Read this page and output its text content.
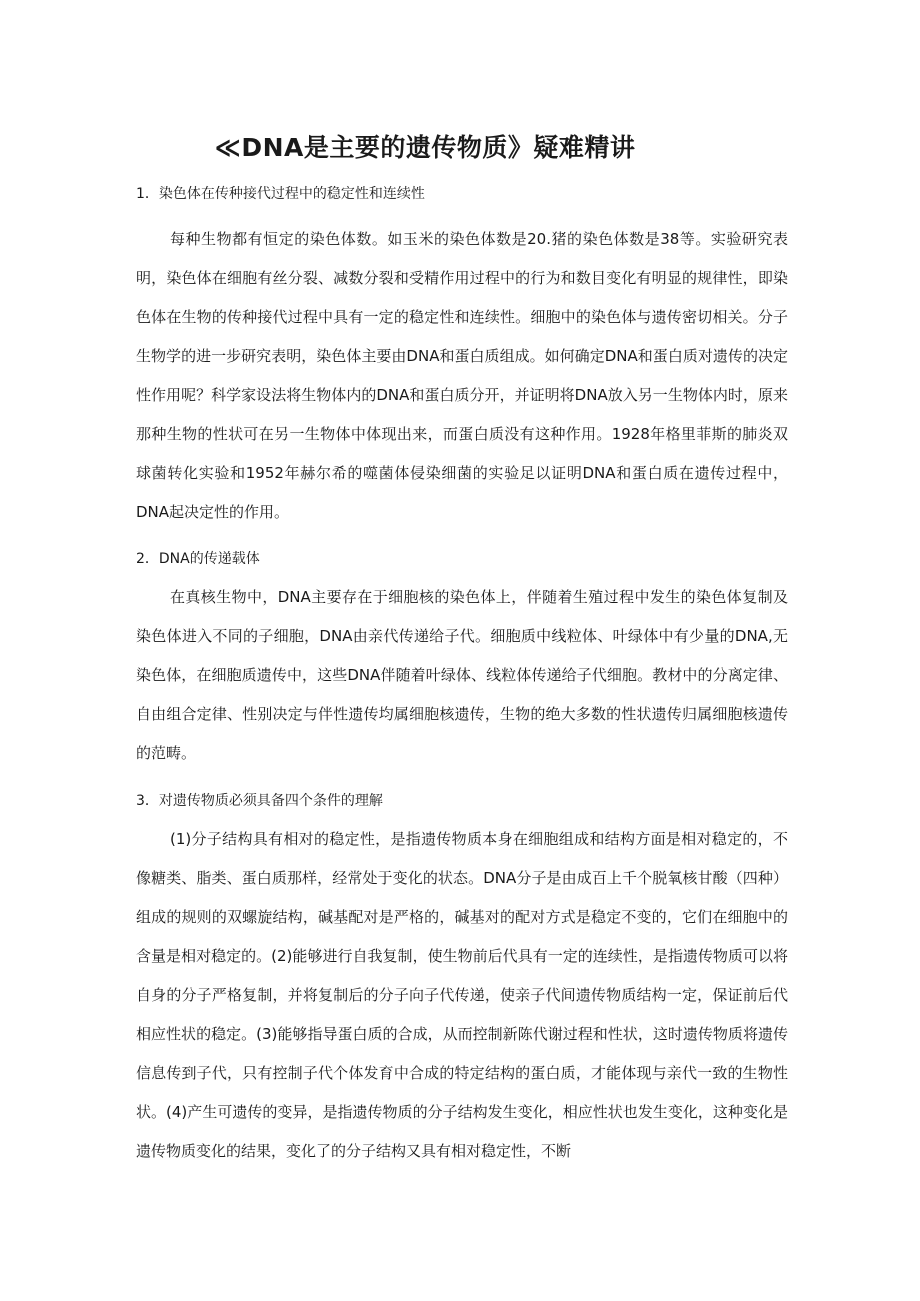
≪DNA是主要的遗传物质》疑难精讲
1．染色体在传种接代过程中的稳定性和连续性

每种生物都有恒定的染色体数。如玉米的染色体数是20.猪的染色体数是38等。实验研究表明，染色体在细胞有丝分裂、减数分裂和受精作用过程中的行为和数目变化有明显的规律性，即染色体在生物的传种接代过程中具有一定的稳定性和连续性。细胞中的染色体与遗传密切相关。分子生物学的进一步研究表明，染色体主要由DNA和蛋白质组成。如何确定DNA和蛋白质对遗传的决定性作用呢？科学家设法将生物体内的DNA和蛋白质分开，并证明将DNA放入另一生物体内时，原来那种生物的性状可在另一生物体中体现出来，而蛋白质没有这种作用。1928年格里菲斯的肺炎双球菌转化实验和1952年赫尔希的噬菌体侵染细菌的实验足以证明DNA和蛋白质在遗传过程中，DNA起决定性的作用。

2．DNA的传递载体

在真核生物中，DNA主要存在于细胞核的染色体上，伴随着生殖过程中发生的染色体复制及染色体进入不同的子细胞，DNA由亲代传递给子代。细胞质中线粒体、叶绿体中有少量的DNA,无染色体，在细胞质遗传中，这些DNA伴随着叶绿体、线粒体传递给子代细胞。教材中的分离定律、自由组合定律、性别决定与伴性遗传均属细胞核遗传，生物的绝大多数的性状遗传归属细胞核遗传的范畴。

3．对遗传物质必须具备四个条件的理解

(1)分子结构具有相对的稳定性，是指遗传物质本身在细胞组成和结构方面是相对稳定的，不像糖类、脂类、蛋白质那样，经常处于变化的状态。DNA分子是由成百上千个脱氧核甘酸（四种）组成的规则的双螺旋结构，碱基配对是严格的，碱基对的配对方式是稳定不变的，它们在细胞中的含量是相对稳定的。(2)能够进行自我复制，使生物前后代具有一定的连续性，是指遗传物质可以将自身的分子严格复制，并将复制后的分子向子代传递，使亲子代间遗传物质结构一定，保证前后代相应性状的稳定。(3)能够指导蛋白质的合成，从而控制新陈代谢过程和性状，这时遗传物质将遗传信息传到子代，只有控制子代个体发育中合成的特定结构的蛋白质，才能体现与亲代一致的生物性状。(4)产生可遗传的变异，是指遗传物质的分子结构发生变化，相应性状也发生变化，这种变化是遗传物质变化的结果，变化了的分子结构又具有相对稳定性，不断
